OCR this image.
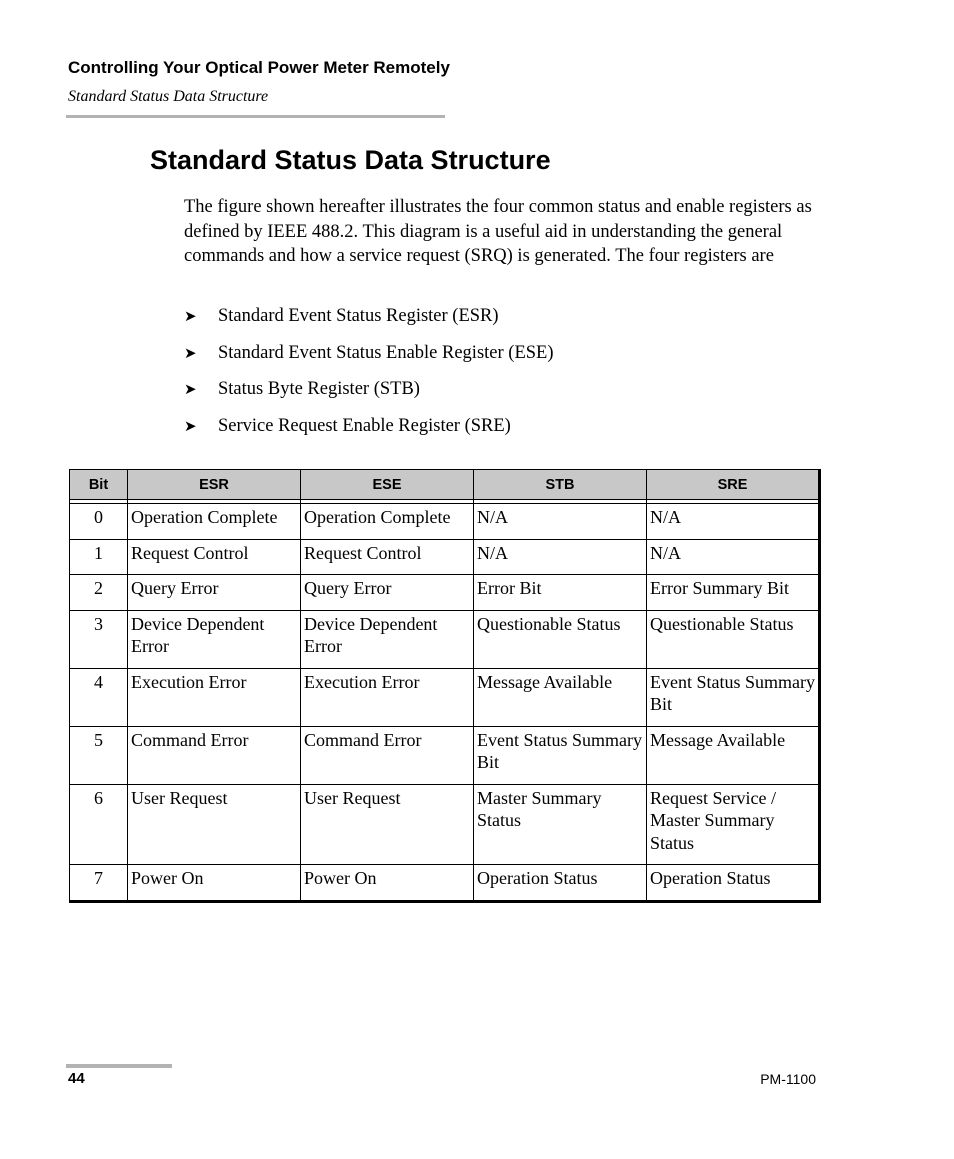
Controlling Your Optical Power Meter Remotely
Standard Status Data Structure
Standard Status Data Structure

The figure shown hereafter illustrates the four common status and enable registers as defined by IEEE 488.2. This diagram is a useful aid in understanding the general commands and how a service request (SRQ) is generated. The four registers are

➤	Standard Event Status Register (ESR)
➤	Standard Event Status Enable Register (ESE)
➤	Status Byte Register (STB)
➤	Service Request Enable Register (SRE)
Bit	ESR	ESE	STB	SRE

0	Operation Complete	Operation Complete	N/A	N/A
1	Request Control	Request Control	N/A	N/A
2	Query Error	Query Error	Error Bit	Error Summary Bit
3	Device Dependent Error	Device Dependent Error	Questionable Status	Questionable Status
4	Execution Error	Execution Error	Message Available	Event Status Summary Bit
5	Command Error	Command Error	Event Status Summary Bit	Message Available
6	User Request	User Request	Master Summary Status	Request Service / Master Summary Status
7	Power On	Power On	Operation Status	Operation Status
44	PM-1100
